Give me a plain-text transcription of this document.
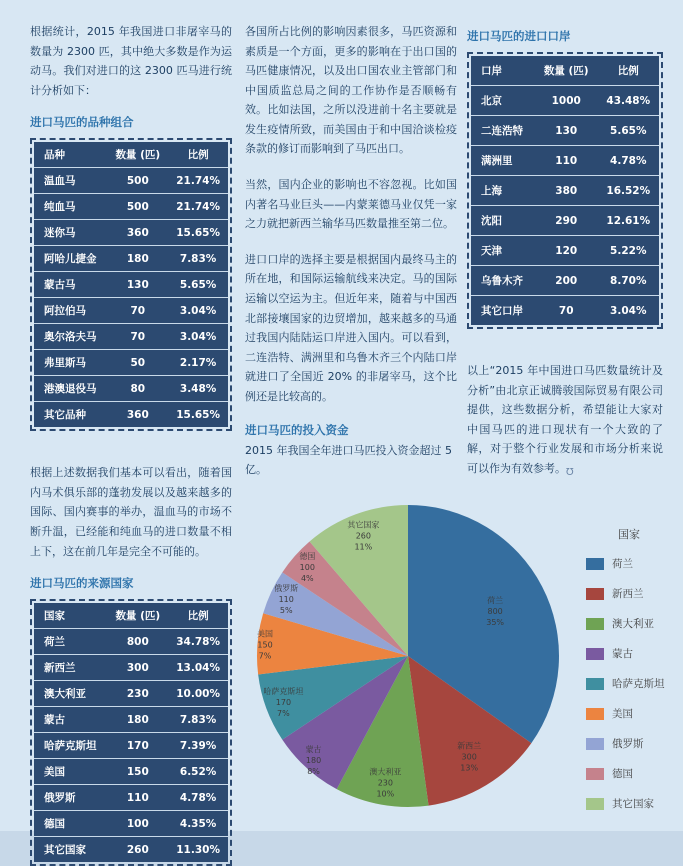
根据统计，2015 年我国进口非屠宰马的数量为 2300 匹，其中绝大多数是作为运动马。我们对进口的这 2300 匹马进行统计分析如下：

进口马匹的品种组合
品种	数量 (匹)	比例
温血马	500	21.74%
纯血马	500	21.74%
迷你马	360	15.65%
阿哈儿捷金	180	7.83%
蒙古马	130	5.65%
阿拉伯马	70	3.04%
奥尔洛夫马	70	3.04%
弗里斯马	50	2.17%
港澳退役马	80	3.48%
其它品种	360	15.65%

根据上述数据我们基本可以看出，随着国内马术俱乐部的蓬勃发展以及越来越多的国际、国内赛事的举办，温血马的市场不断升温，已经能和纯血马的进口数量不相上下，这在前几年是完全不可能的。

进口马匹的来源国家
国家	数量 (匹)	比例
荷兰	800	34.78%
新西兰	300	13.04%
澳大利亚	230	10.00%
蒙古	180	7.83%
哈萨克斯坦	170	7.39%
美国	150	6.52%
俄罗斯	110	4.78%
德国	100	4.35%
其它国家	260	11.30%

各国所占比例的影响因素很多，马匹资源和素质是一个方面，更多的影响在于出口国的马匹健康情况，以及出口国农业主管部门和中国质监总局之间的工作协作是否顺畅有效。比如法国，之所以没进前十名主要就是发生疫情所致，而美国由于和中国洽谈检疫条款的修订而影响到了马匹出口。

当然，国内企业的影响也不容忽视。比如国内著名马业巨头——内蒙莱德马业仅凭一家之力就把新西兰输华马匹数量推至第二位。

进口口岸的选择主要是根据国内最终马主的所在地，和国际运输航线来决定。马的国际运输以空运为主。但近年来，随着与中国西北部接壤国家的边贸增加，越来越多的马通过我国内陆陆运口岸进入国内。可以看到，二连浩特、满洲里和乌鲁木齐三个内陆口岸就进口了全国近 20% 的非屠宰马，这个比例还是比较高的。

进口马匹的投入资金
2015 年我国全年进口马匹投入资金超过 5 亿。
进口马匹的进口口岸
口岸	数量 (匹)	比例
北京	1000	43.48%
二连浩特	130	5.65%
满洲里	110	4.78%
上海	380	16.52%
沈阳	290	12.61%
天津	120	5.22%
乌鲁木齐	200	8.70%
其它口岸	70	3.04%

以上“2015 年中国进口马匹数量统计及分析”由北京正诚腾骏国际贸易有限公司提供，这些数据分析，希望能让大家对中国马匹的进口现状有一个大致的了解，对于整个行业发展和市场分析来说可以作为有效参考。Ω

荷兰 800 35%
新西兰 300 13%
澳大利亚 230 10%
蒙古 180 8%
哈萨克斯坦 170 7%
美国 150 7%
俄罗斯 110 5%
德国 100 4%
其它国家 260 11%
国家
荷兰
新西兰
澳大利亚
蒙古
哈萨克斯坦
美国
俄罗斯
德国
其它国家
